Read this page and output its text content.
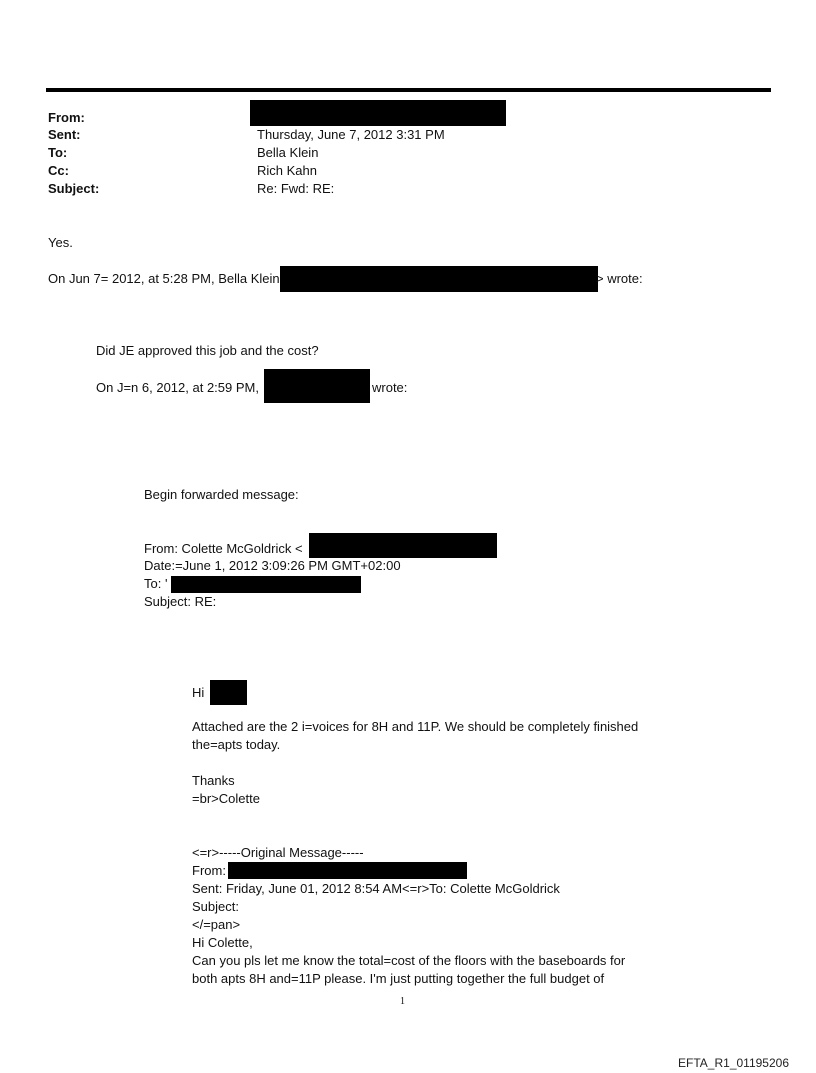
From:
Sent:	Thursday, June 7, 2012 3:31 PM
To:	Bella Klein
Cc:	Rich Kahn
Subject:	Re: Fwd: RE:
Yes.
On Jun 7= 2012, at 5:28 PM, Bella Klein	> wrote:
Did JE approved this job and the cost?
On J=n 6, 2012, at 2:59 PM,	wrote:
Begin forwarded message:
From: Colette McGoldrick <
Date:=June 1, 2012 3:09:26 PM GMT+02:00
To: '
Subject: RE:
Hi
Attached are the 2 i=voices for 8H and 11P. We should be completely finished
the=apts today.
Thanks
=br>Colette
<=r>-----Original Message-----
From:
Sent: Friday, June 01, 2012 8:54 AM<=r>To: Colette McGoldrick
Subject:
</=pan>
Hi Colette,
Can you pls let me know the total=cost of the floors with the baseboards for
both apts 8H and=11P please. I'm just putting together the full budget of
1
EFTA_R1_01195206
